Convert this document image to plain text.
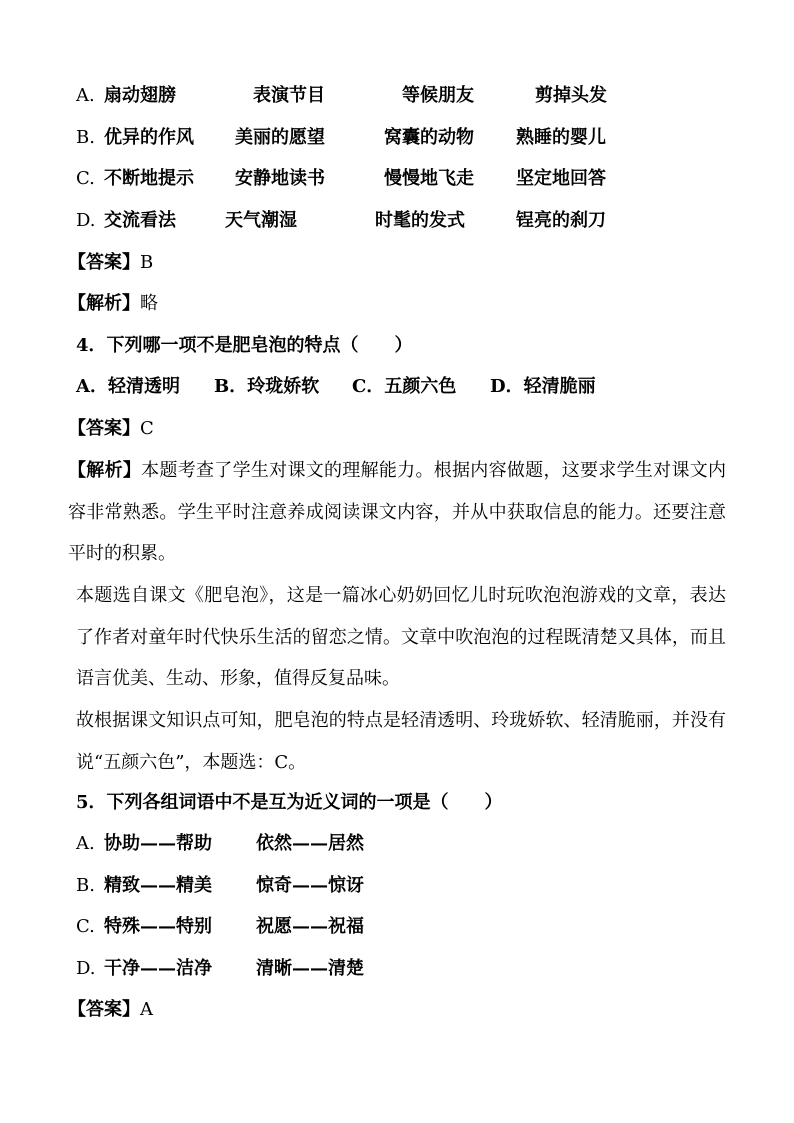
A. 扇动翅膀	表演节目	等候朋友	剪掉头发
B. 优异的作风 美丽的愿望	窝囊的动物 熟睡的婴儿
C. 不断地提示 安静地读书	慢慢地飞走 坚定地回答
D. 交流看法	天气潮湿	时髦的发式	锃亮的刹刀
【答案】B
【解析】略
4．下列哪一项不是肥皂泡的特点（　　）
A．轻清透明 B．玲珑娇软 C．五颜六色 D．轻清脆丽
【答案】C
【解析】本题考查了学生对课文的理解能力。根据内容做题，这要求学生对课文内容非常熟悉。学生平时注意养成阅读课文内容，并从中获取信息的能力。还要注意平时的积累。
本题选自课文《肥皂泡》，这是一篇冰心奶奶回忆儿时玩吹泡泡游戏的文章，表达了作者对童年时代快乐生活的留恋之情。文章中吹泡泡的过程既清楚又具体，而且语言优美、生动、形象，值得反复品味。
故根据课文知识点可知，肥皂泡的特点是轻清透明、玲珑娇软、轻清脆丽，并没有说“五颜六色”，本题选：C。
5．下列各组词语中不是互为近义词的一项是（　　）
A. 协助——帮助 依然——居然
B. 精致——精美 惊奇——惊讶
C. 特殊——特别 祝愿——祝福
D. 干净——洁净 清晰——清楚
【答案】A
